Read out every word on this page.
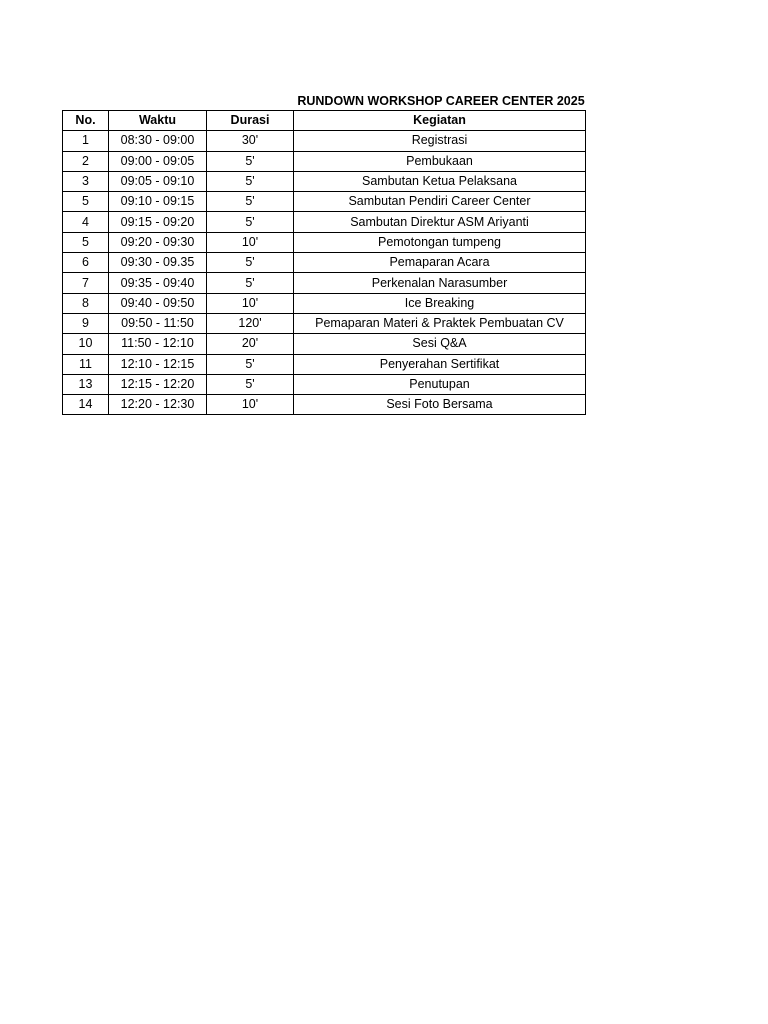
RUNDOWN WORKSHOP CAREER CENTER 2025
No.	Waktu	Durasi	Kegiatan
1	08:30 - 09:00	30'	Registrasi
2	09:00 - 09:05	5'	Pembukaan
3	09:05 - 09:10	5'	Sambutan Ketua Pelaksana
5	09:10 - 09:15	5'	Sambutan Pendiri Career Center
4	09:15 - 09:20	5'	Sambutan Direktur ASM Ariyanti
5	09:20 - 09:30	10'	Pemotongan tumpeng
6	09:30 - 09.35	5'	Pemaparan Acara
7	09:35 - 09:40	5'	Perkenalan Narasumber
8	09:40 - 09:50	10'	Ice Breaking
9	09:50 - 11:50	120'	Pemaparan Materi & Praktek Pembuatan CV
10	11:50 - 12:10	20'	Sesi Q&A
11	12:10 - 12:15	5'	Penyerahan Sertifikat
13	12:15 - 12:20	5'	Penutupan
14	12:20 - 12:30	10'	Sesi Foto Bersama
